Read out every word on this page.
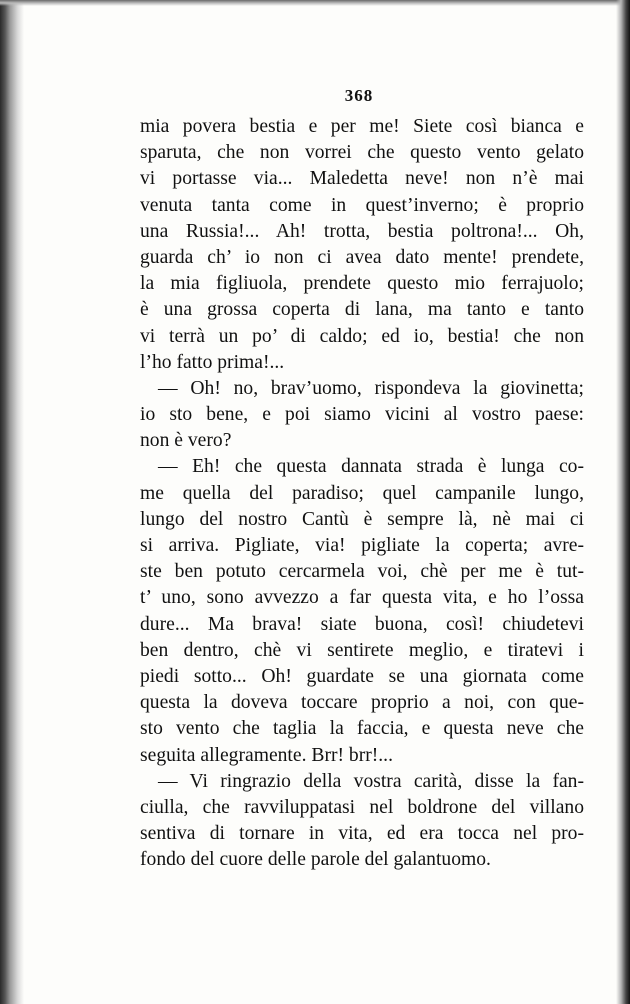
368
mia povera bestia e per me! Siete così bianca e
sparuta, che non vorrei che questo vento gelato
vi portasse via... Maledetta neve! non n’è mai
venuta tanta come in quest’inverno; è proprio
una Russia!... Ah! trotta, bestia poltrona!... Oh,
guarda ch’ io non ci avea dato mente! prendete,
la mia figliuola, prendete questo mio ferrajuolo;
è una grossa coperta di lana, ma tanto e tanto
vi terrà un po’ di caldo; ed io, bestia! che non
l’ho fatto prima!...
— Oh! no, brav’uomo, rispondeva la giovinetta;
io sto bene, e poi siamo vicini al vostro paese:
non è vero?
— Eh! che questa dannata strada è lunga co-
me quella del paradiso; quel campanile lungo,
lungo del nostro Cantù è sempre là, nè mai ci
si arriva. Pigliate, via! pigliate la coperta; avre-
ste ben potuto cercarmela voi, chè per me è tut-
t’ uno, sono avvezzo a far questa vita, e ho l’ossa
dure... Ma brava! siate buona, così! chiudetevi
ben dentro, chè vi sentirete meglio, e tiratevi i
piedi sotto... Oh! guardate se una giornata come
questa la doveva toccare proprio a noi, con que-
sto vento che taglia la faccia, e questa neve che
seguita allegramente. Brr! brr!...
— Vi ringrazio della vostra carità, disse la fan-
ciulla, che ravviluppatasi nel boldrone del villano
sentiva di tornare in vita, ed era tocca nel pro-
fondo del cuore delle parole del galantuomo.
